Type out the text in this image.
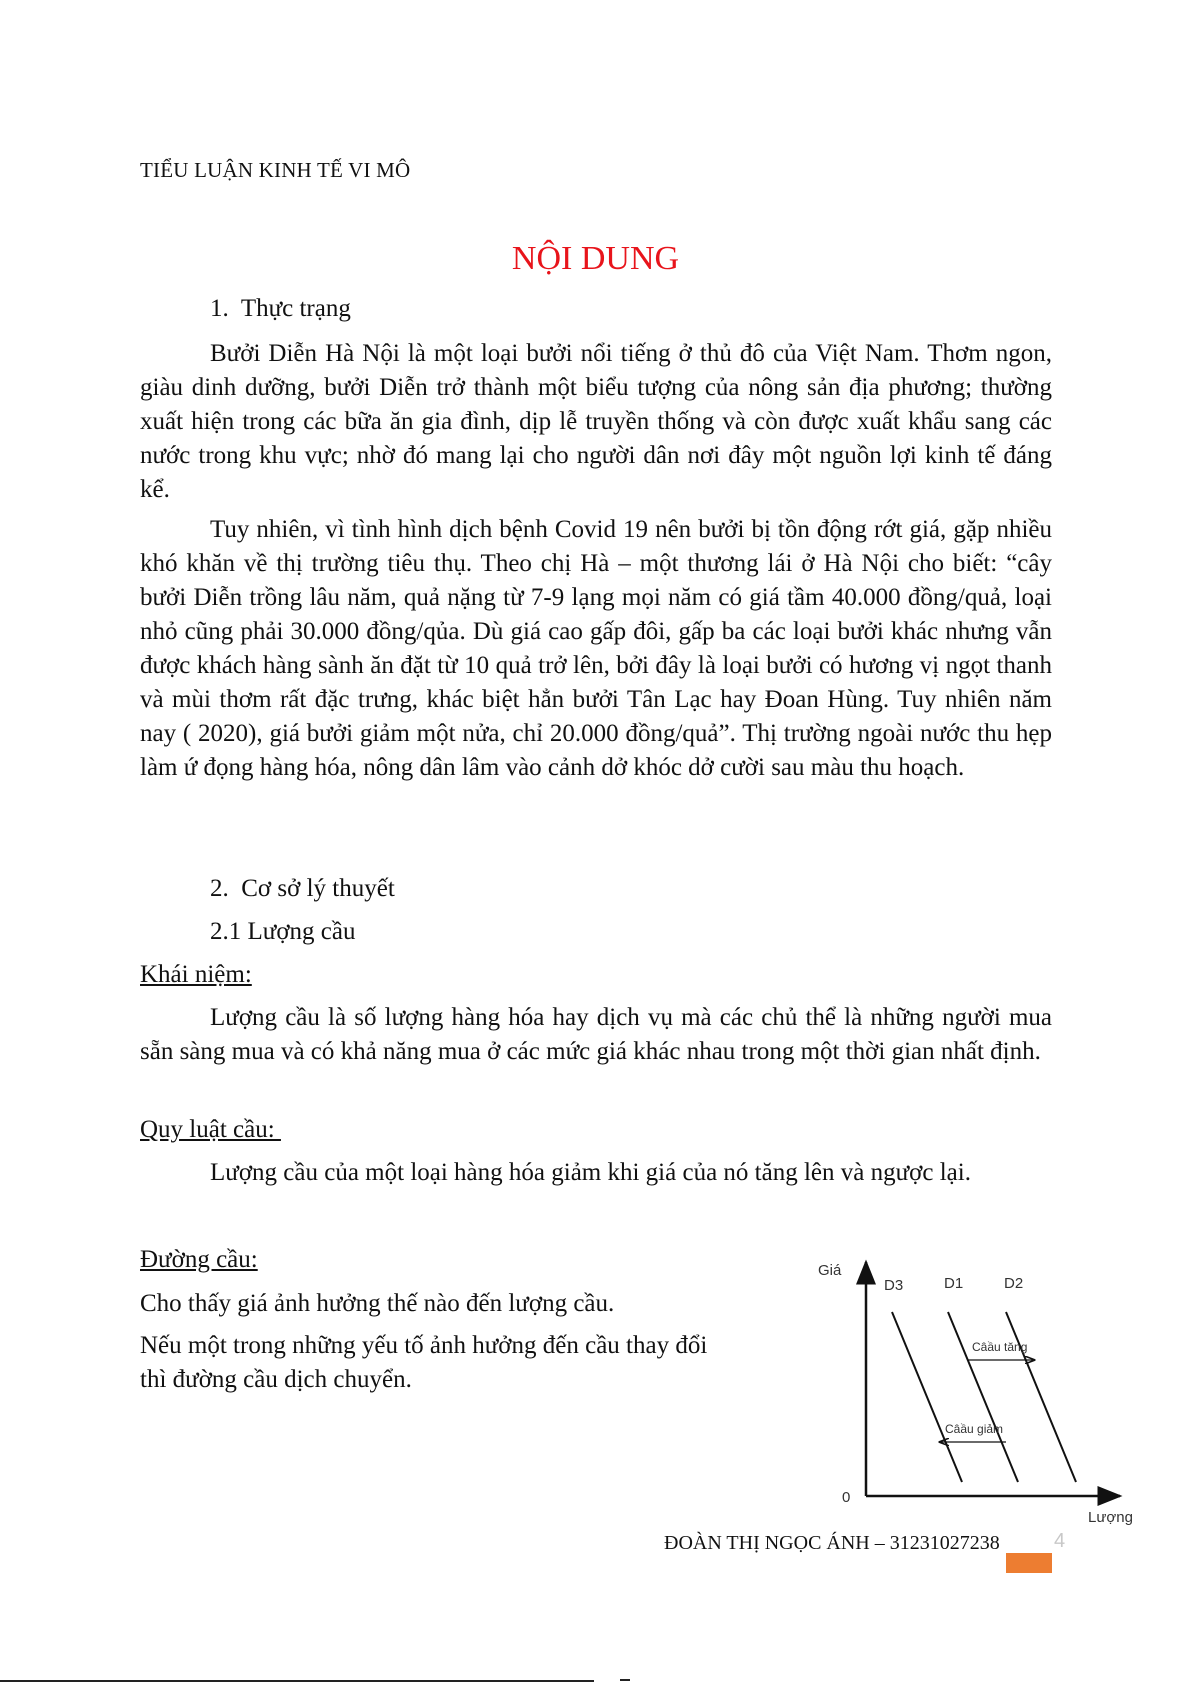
TIỂU LUẬN KINH TẾ VI MÔ
NỘI DUNG
1. Thực trạng

Bưởi Diễn Hà Nội là một loại bưởi nổi tiếng ở thủ đô của Việt Nam. Thơm ngon, giàu dinh dưỡng, bưởi Diễn trở thành một biểu tượng của nông sản địa phương; thường xuất hiện trong các bữa ăn gia đình, dịp lễ truyền thống và còn được xuất khẩu sang các nước trong khu vực; nhờ đó mang lại cho người dân nơi đây một nguồn lợi kinh tế đáng kể.

Tuy nhiên, vì tình hình dịch bệnh Covid 19 nên bưởi bị tồn động rớt giá, gặp nhiều khó khăn về thị trường tiêu thụ. Theo chị Hà – một thương lái ở Hà Nội cho biết: “cây bưởi Diễn trồng lâu năm, quả nặng từ 7-9 lạng mọi năm có giá tầm 40.000 đồng/quả, loại nhỏ cũng phải 30.000 đồng/qủa. Dù giá cao gấp đôi, gấp ba các loại bưởi khác nhưng vẫn được khách hàng sành ăn đặt từ 10 quả trở lên, bởi đây là loại bưởi có hương vị ngọt thanh và mùi thơm rất đặc trưng, khác biệt hẳn bưởi Tân Lạc hay Đoan Hùng. Tuy nhiên năm nay ( 2020), giá bưởi giảm một nửa, chỉ 20.000 đồng/quả”. Thị trường ngoài nước thu hẹp làm ứ đọng hàng hóa, nông dân lâm vào cảnh dở khóc dở cười sau màu thu hoạch.

2. Cơ sở lý thuyết
2.1 Lượng cầu
Khái niệm:

Lượng cầu là số lượng hàng hóa hay dịch vụ mà các chủ thể là những người mua sẵn sàng mua và có khả năng mua ở các mức giá khác nhau trong một thời gian nhất định.

Quy luật cầu:
Lượng cầu của một loại hàng hóa giảm khi giá của nó tăng lên và ngược lại.
Đường cầu:
Cho thấy giá ảnh hưởng thế nào đến lượng cầu.
Nếu một trong những yếu tố ảnh hưởng đến cầu thay đổi
thì đường cầu dịch chuyển.
Giá
Lượng
0
D3	D1	D2
Câầu tăng
Câầu giảm
ĐOÀN THỊ NGỌC ÁNH – 31231027238	4
